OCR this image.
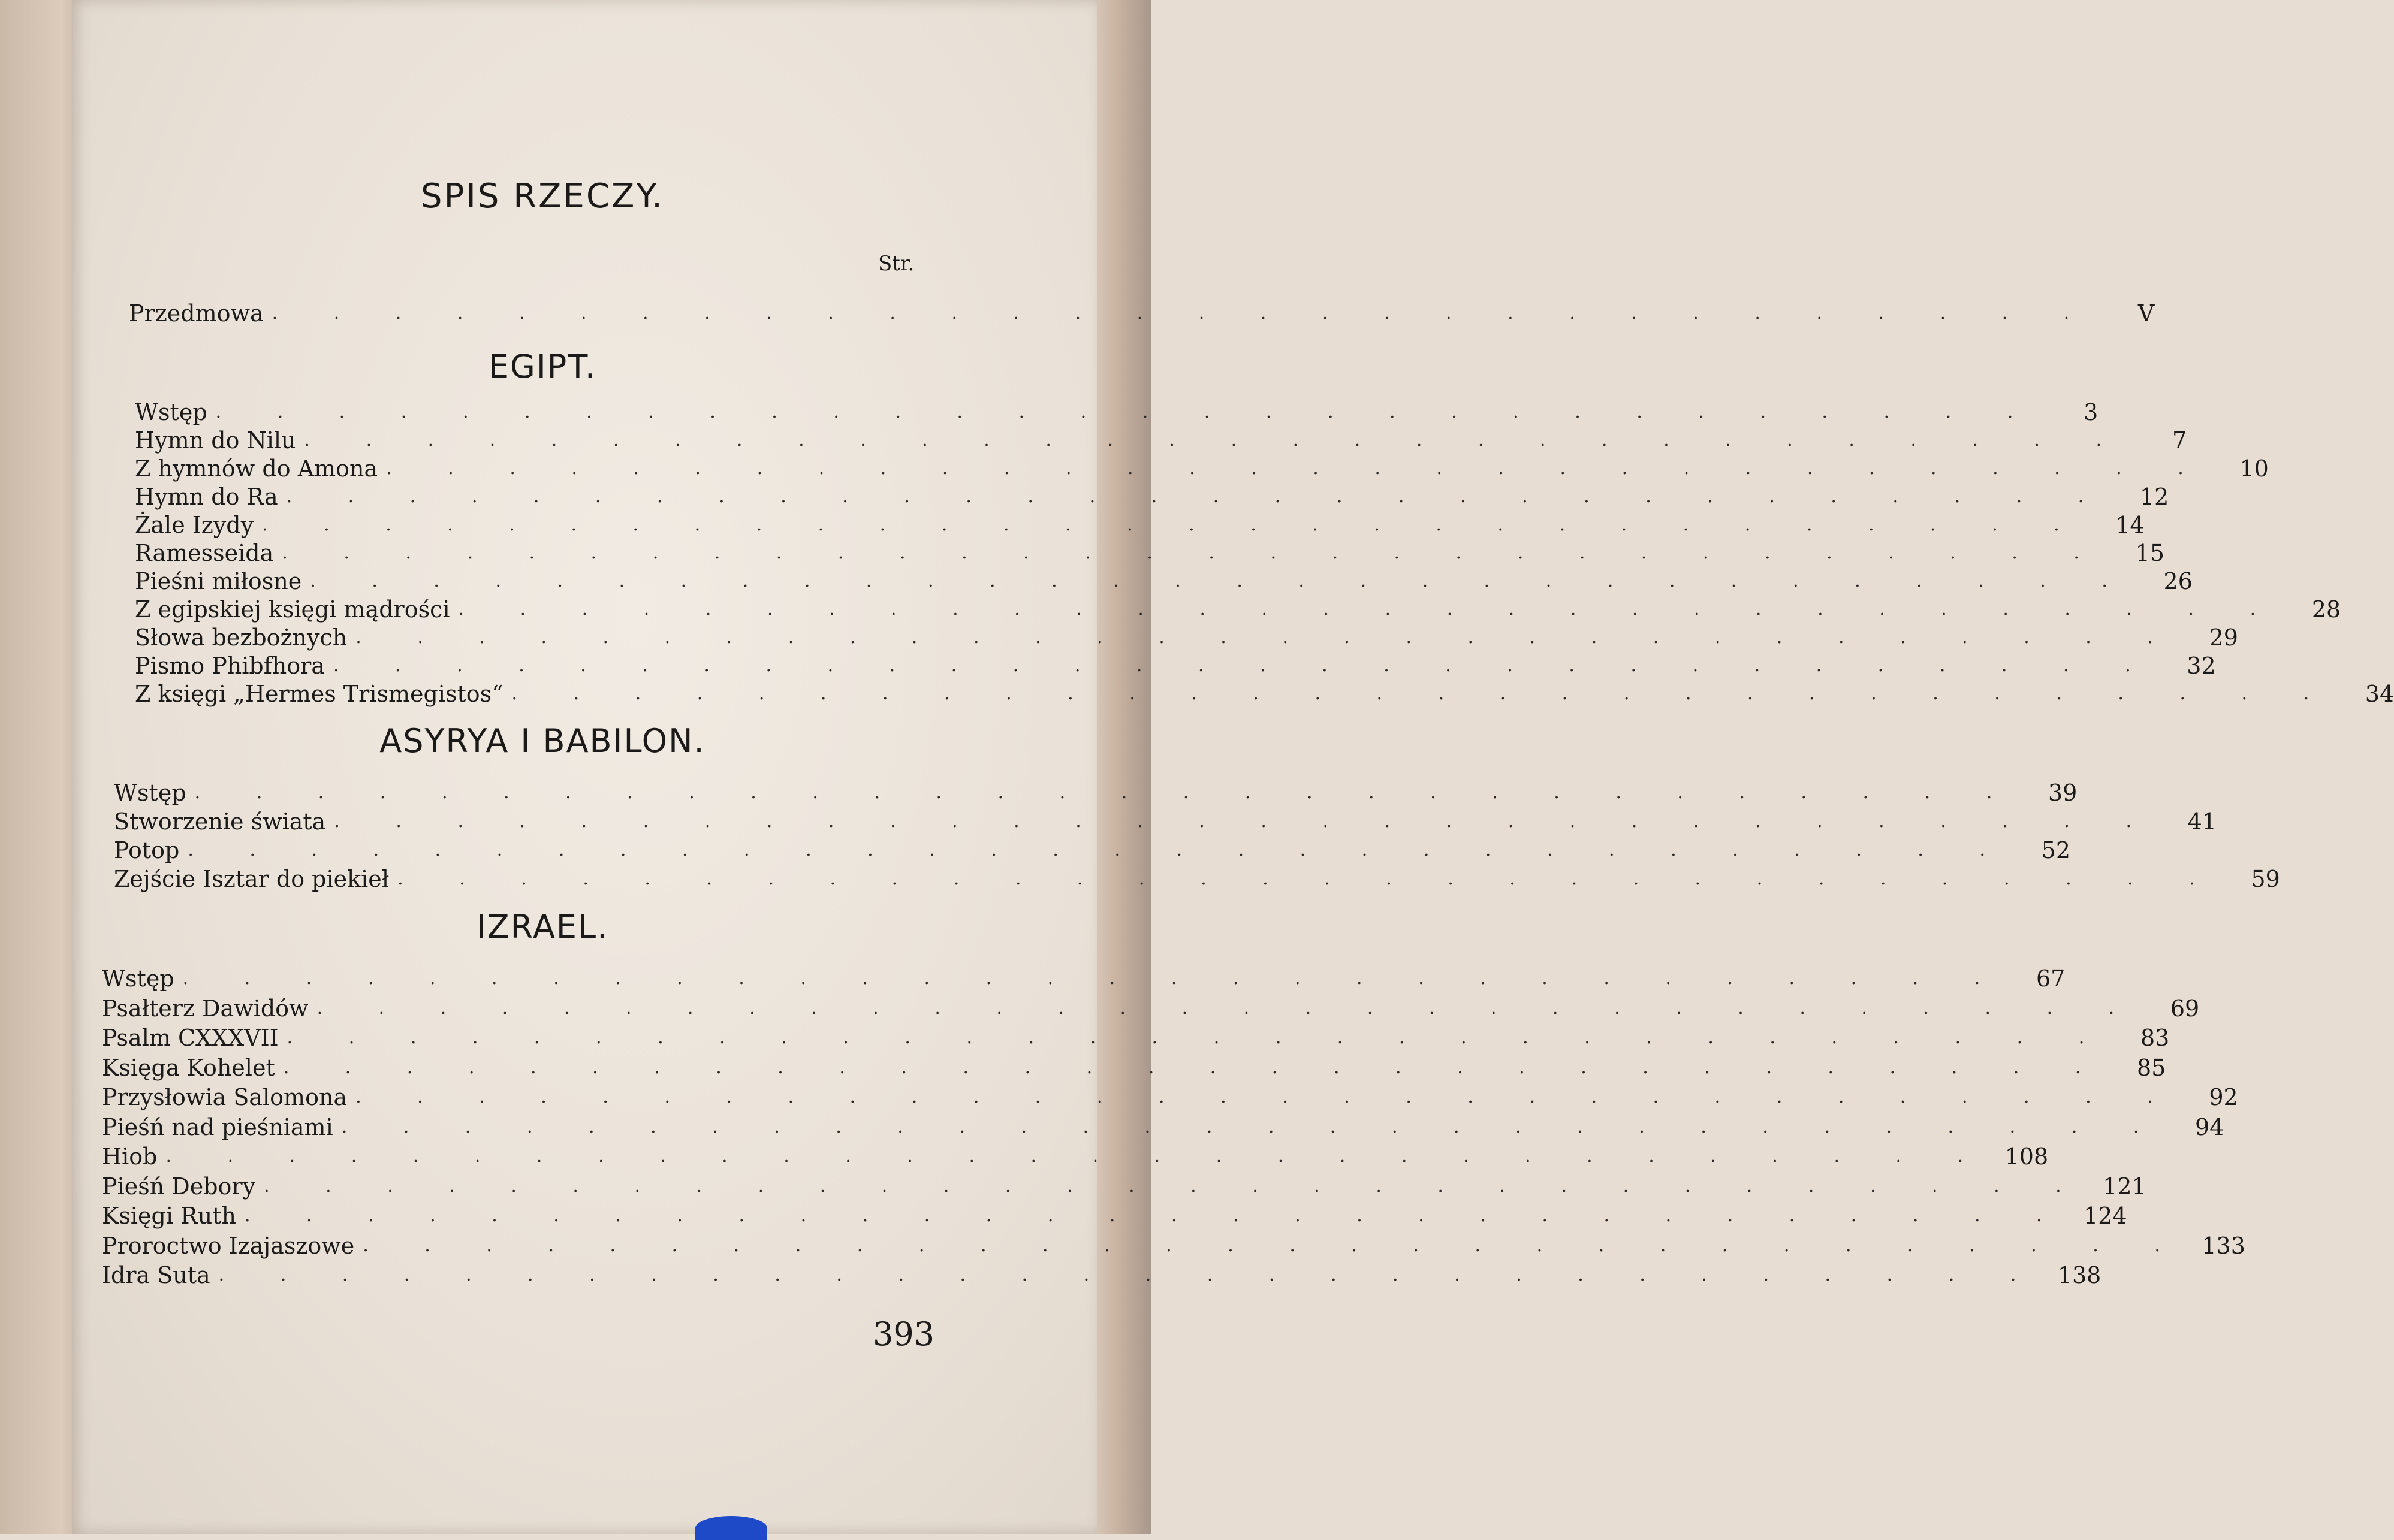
SPIS RZECZY.
Str.
Przedmowa . . . . . . . . . . . . . . . . . . . . . . . . . . . . . .	V
EGIPT.
Wstęp . . . . . . . . . . . . . . . . . . . . . . . . . . . . . .	3
Hymn do Nilu . . . . . . . . . . . . . . . . . . . . . . . . . . . . . .	7
Z hymnów do Amona . . . . . . . . . . . . . . . . . . . . . . . . . . . . . .	10
Hymn do Ra . . . . . . . . . . . . . . . . . . . . . . . . . . . . . .	12
Żale Izydy . . . . . . . . . . . . . . . . . . . . . . . . . . . . . .	14
Ramesseida . . . . . . . . . . . . . . . . . . . . . . . . . . . . . .	15
Pieśni miłosne . . . . . . . . . . . . . . . . . . . . . . . . . . . . . .	26
Z egipskiej księgi mądrości . . . . . . . . . . . . . . . . . . . . . . . . . . . . . .	28
Słowa bezbożnych . . . . . . . . . . . . . . . . . . . . . . . . . . . . . .	29
Pismo Phibfhora . . . . . . . . . . . . . . . . . . . . . . . . . . . . . .	32
Z księgi „Hermes Trismegistos“ . . . . . . . . . . . . . . . . . . . . . . . . . . . . . .	34
ASYRYA I BABILON.
Wstęp . . . . . . . . . . . . . . . . . . . . . . . . . . . . . .	39
Stworzenie świata . . . . . . . . . . . . . . . . . . . . . . . . . . . . . .	41
Potop . . . . . . . . . . . . . . . . . . . . . . . . . . . . . .	52
Zejście Isztar do piekieł . . . . . . . . . . . . . . . . . . . . . . . . . . . . . .	59
IZRAEL.
Wstęp . . . . . . . . . . . . . . . . . . . . . . . . . . . . . .	67
Psałterz Dawidów . . . . . . . . . . . . . . . . . . . . . . . . . . . . . .	69
Psalm CXXXVII . . . . . . . . . . . . . . . . . . . . . . . . . . . . . .	83
Księga Kohelet . . . . . . . . . . . . . . . . . . . . . . . . . . . . . .	85
Przysłowia Salomona . . . . . . . . . . . . . . . . . . . . . . . . . . . . . .	92
Pieśń nad pieśniami . . . . . . . . . . . . . . . . . . . . . . . . . . . . . .	94
Hiob . . . . . . . . . . . . . . . . . . . . . . . . . . . . . . 108
Pieśń Debory . . . . . . . . . . . . . . . . . . . . . . . . . . . . . . 121
Księgi Ruth . . . . . . . . . . . . . . . . . . . . . . . . . . . . . . 124
Proroctwo Izajaszowe . . . . . . . . . . . . . . . . . . . . . . . . . . . . . . 133
Idra Suta . . . . . . . . . . . . . . . . . . . . . . . . . . . . . . 138
393
